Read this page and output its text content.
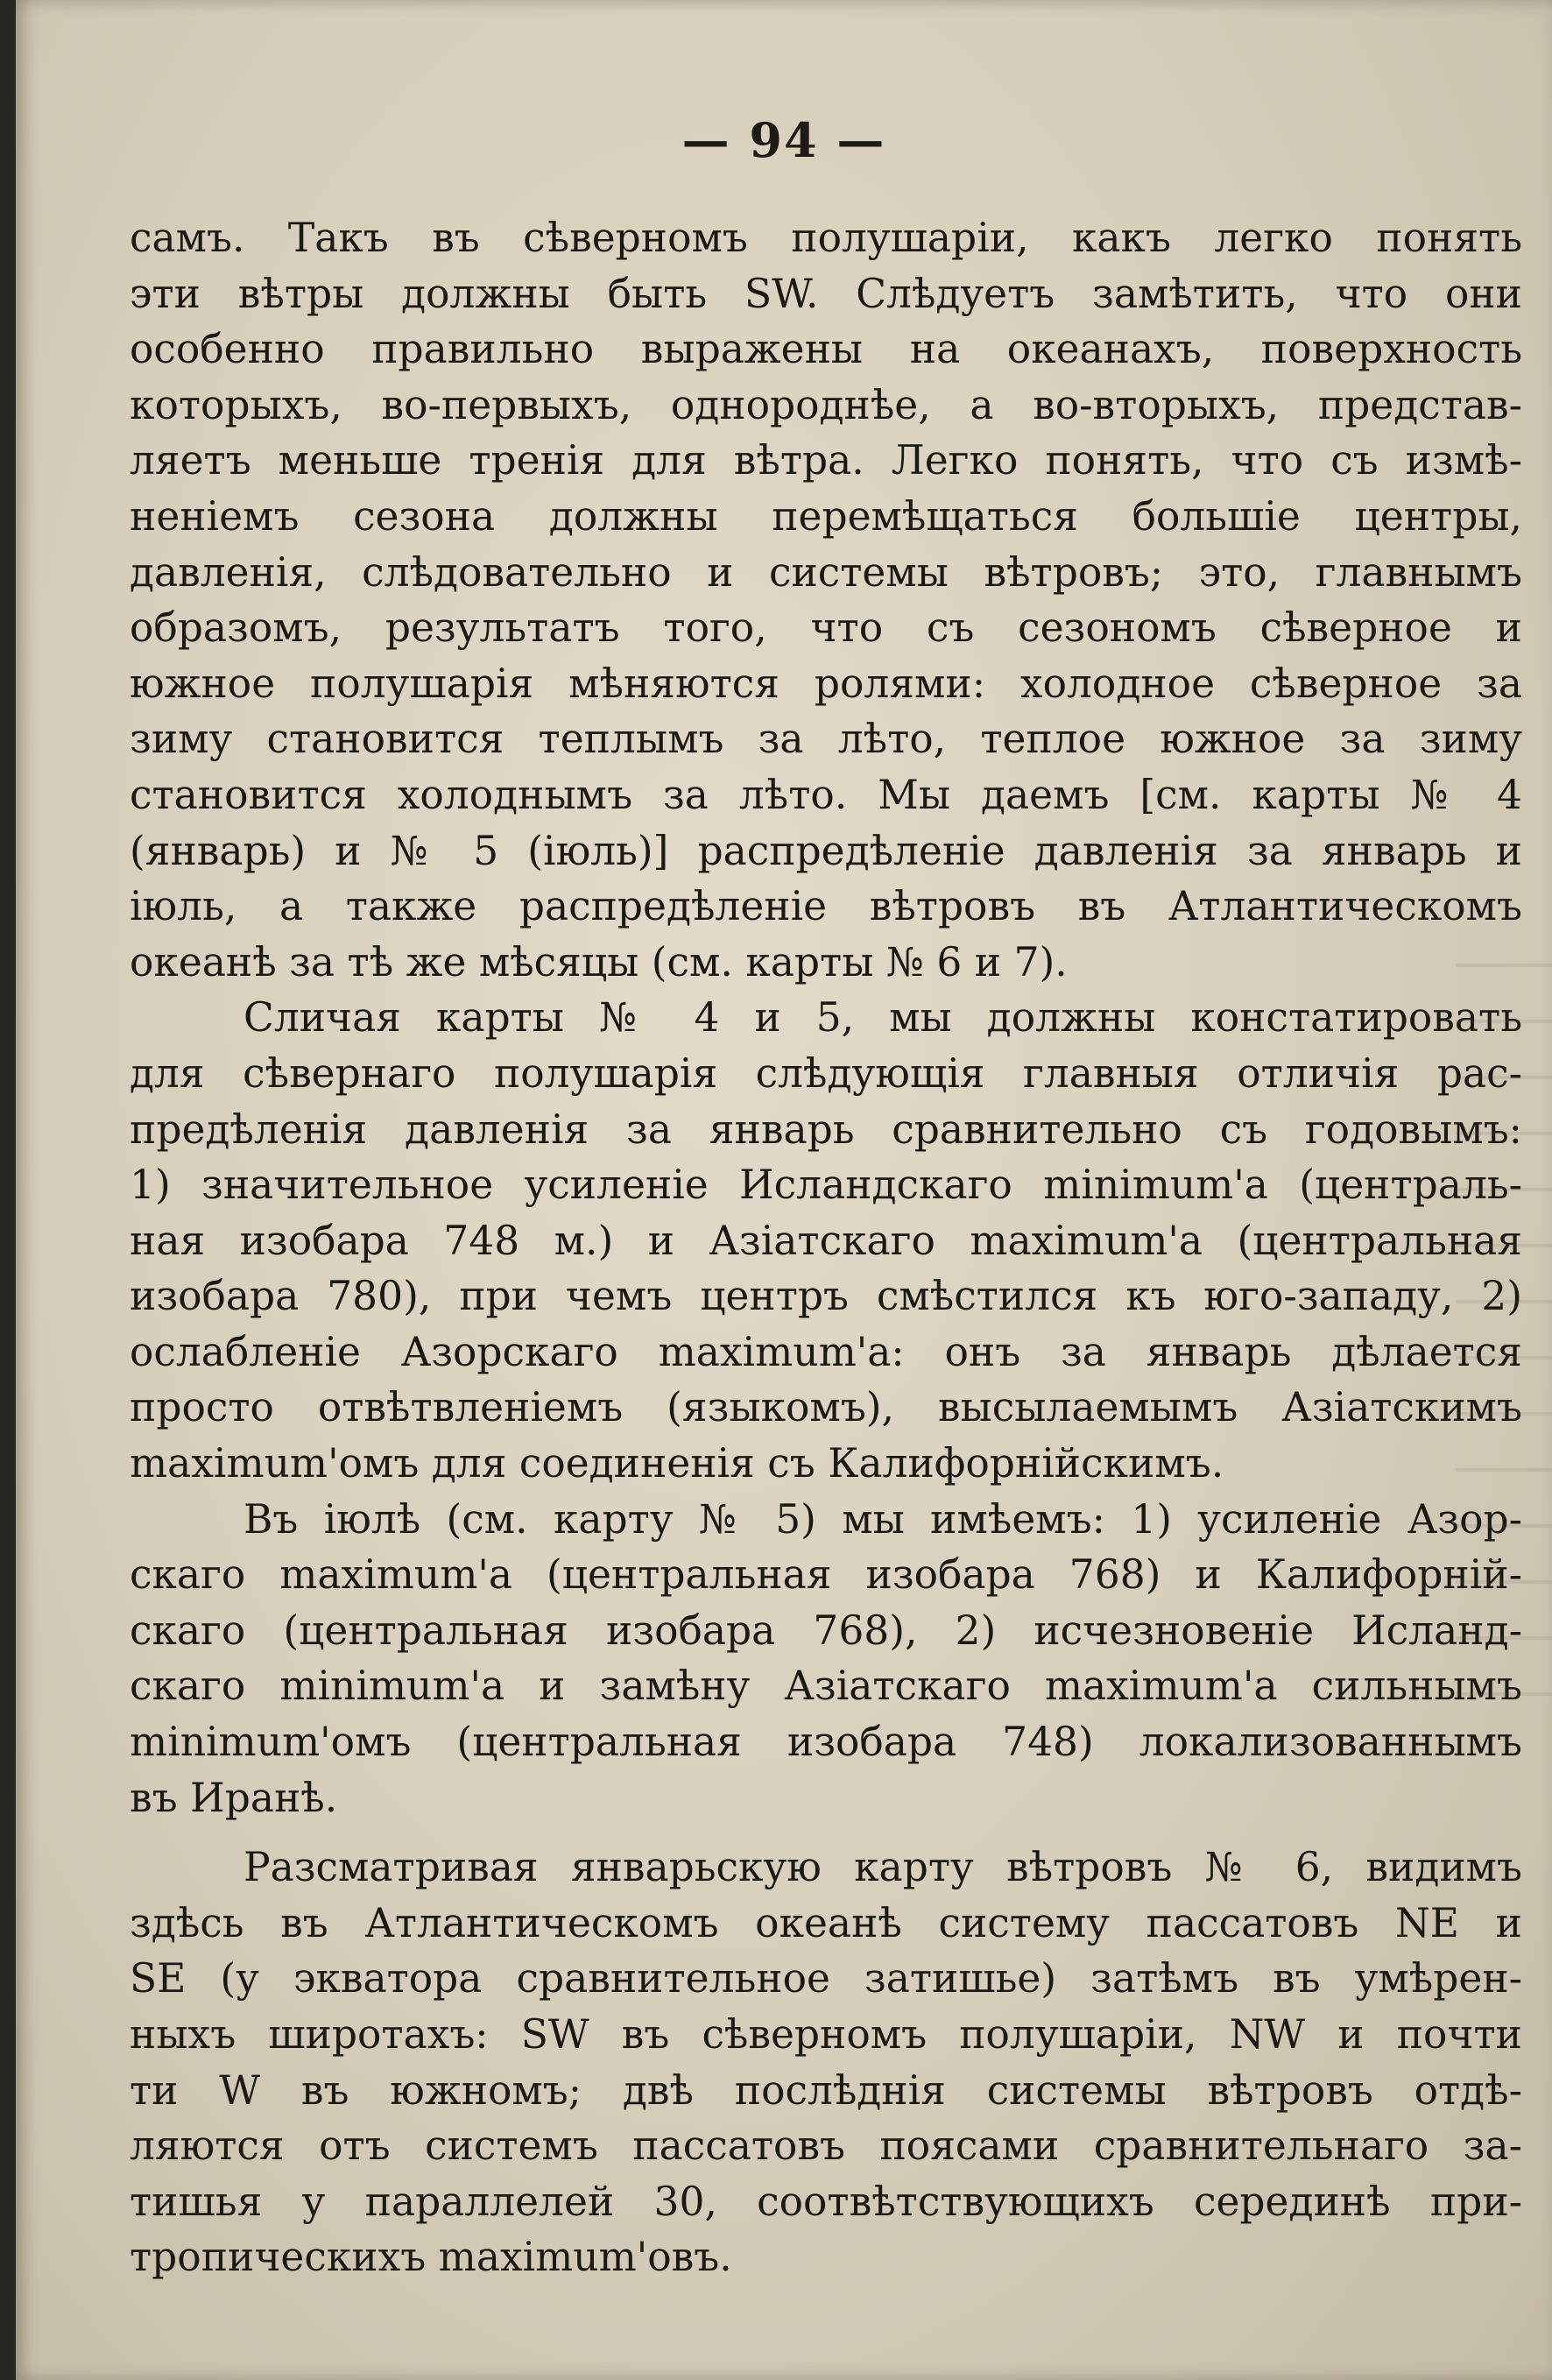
— 94 —
самъ. Такъ въ сѣверномъ полушаріи, какъ легко понять
эти вѣтры должны быть SW. Слѣдуетъ замѣтить, что они
особенно правильно выражены на океанахъ, поверхность
которыхъ, во-первыхъ, однороднѣе, а во-вторыхъ, представ-
ляетъ меньше тренія для вѣтра. Легко понять, что съ измѣ-
неніемъ сезона должны перемѣщаться большіе центры,
давленія, слѣдовательно и системы вѣтровъ; это, главнымъ
образомъ, результатъ того, что съ сезономъ сѣверное и
южное полушарія мѣняются ролями: холодное сѣверное за
зиму становится теплымъ за лѣто, теплое южное за зиму
становится холоднымъ за лѣто. Мы даемъ [см. карты № 4
(январь) и № 5 (іюль)] распредѣленіе давленія за январь и
іюль, а также распредѣленіе вѣтровъ въ Атлантическомъ
океанѣ за тѣ же мѣсяцы (см. карты № 6 и 7).
Сличая карты № 4 и 5, мы должны констатировать
для сѣвернаго полушарія слѣдующія главныя отличія рас-
предѣленія давленія за январь сравнительно съ годовымъ:
1) значительное усиленіе Исландскаго minimum'а (централь-
ная изобара 748 м.) и Азіатскаго maximum'а (центральная
изобара 780), при чемъ центръ смѣстился къ юго-западу, 2)
ослабленіе Азорскаго maximum'а: онъ за январь дѣлается
просто отвѣтвленіемъ (языкомъ), высылаемымъ Азіатскимъ
maximum'омъ для соединенія съ Калифорнійскимъ.
Въ іюлѣ (см. карту № 5) мы имѣемъ: 1) усиленіе Азор-
скаго maximum'а (центральная изобара 768) и Калифорній-
скаго (центральная изобара 768), 2) исчезновеніе Исланд-
скаго minimum'а и замѣну Азіатскаго maximum'а сильнымъ
minimum'омъ (центральная изобара 748) локализованнымъ
въ Иранѣ.
Разсматривая январьскую карту вѣтровъ № 6, видимъ
здѣсь въ Атлантическомъ океанѣ систему пассатовъ NE и
SE (у экватора сравнительное затишье) затѣмъ въ умѣрен-
ныхъ широтахъ: SW въ сѣверномъ полушаріи, NW и почти
ти W въ южномъ; двѣ послѣднія системы вѣтровъ отдѣ-
ляются отъ системъ пассатовъ поясами сравнительнаго за-
тишья у параллелей 30, соотвѣтствующихъ серединѣ при-
тропическихъ maximum'овъ.
